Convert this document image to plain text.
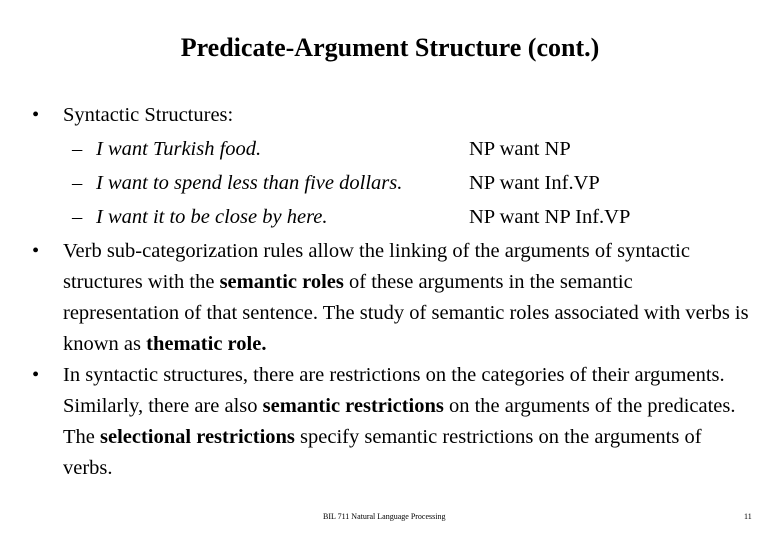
Predicate-Argument Structure (cont.)
• Syntactic Structures:
– I want Turkish food.	NP want NP
– I want to spend less than five dollars.	NP want Inf.VP
– I want it to be close by here.	NP want NP Inf.VP
• Verb sub-categorization rules allow the linking of the arguments of syntactic structures with the semantic roles of these arguments in the semantic representation of that sentence. The study of semantic roles associated with verbs is known as thematic role.
• In syntactic structures, there are restrictions on the categories of their arguments. Similarly, there are also semantic restrictions on the arguments of the predicates. The selectional restrictions specify semantic restrictions on the arguments of verbs.
BIL 711 Natural Language Processing	11
